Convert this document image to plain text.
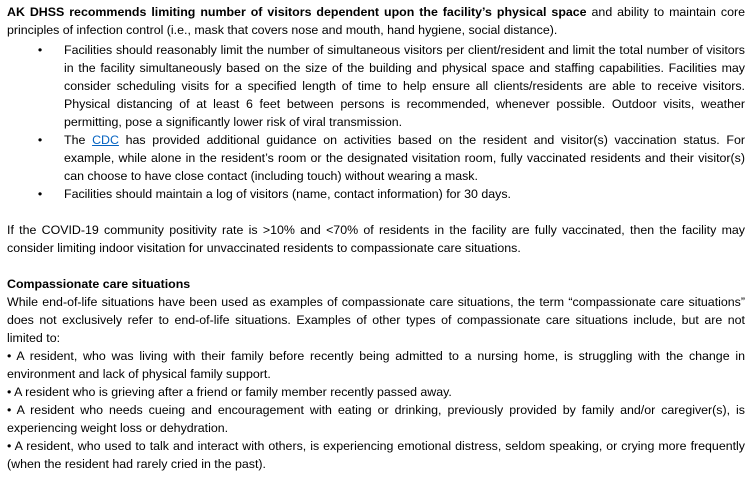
AK DHSS recommends limiting number of visitors dependent upon the facility’s physical space and ability to maintain core principles of infection control (i.e., mask that covers nose and mouth, hand hygiene, social distance).

•	Facilities should reasonably limit the number of simultaneous visitors per client/resident and limit the total number of visitors in the facility simultaneously based on the size of the building and physical space and staffing capabilities. Facilities may consider scheduling visits for a specified length of time to help ensure all clients/residents are able to receive visitors. Physical distancing of at least 6 feet between persons is recommended, whenever possible. Outdoor visits, weather permitting, pose a significantly lower risk of viral transmission.
•	The CDC has provided additional guidance on activities based on the resident and visitor(s) vaccination status. For example, while alone in the resident’s room or the designated visitation room, fully vaccinated residents and their visitor(s) can choose to have close contact (including touch) without wearing a mask.
•	Facilities should maintain a log of visitors (name, contact information) for 30 days.

If the COVID-19 community positivity rate is >10% and <70% of residents in the facility are fully vaccinated, then the facility may consider limiting indoor visitation for unvaccinated residents to compassionate care situations.

Compassionate care situations

While end-of-life situations have been used as examples of compassionate care situations, the term “compassionate care situations” does not exclusively refer to end-of-life situations. Examples of other types of compassionate care situations include, but are not limited to:

• A resident, who was living with their family before recently being admitted to a nursing home, is struggling with the change in environment and lack of physical family support.
• A resident who is grieving after a friend or family member recently passed away.
• A resident who needs cueing and encouragement with eating or drinking, previously provided by family and/or caregiver(s), is experiencing weight loss or dehydration.
• A resident, who used to talk and interact with others, is experiencing emotional distress, seldom speaking, or crying more frequently (when the resident had rarely cried in the past).
